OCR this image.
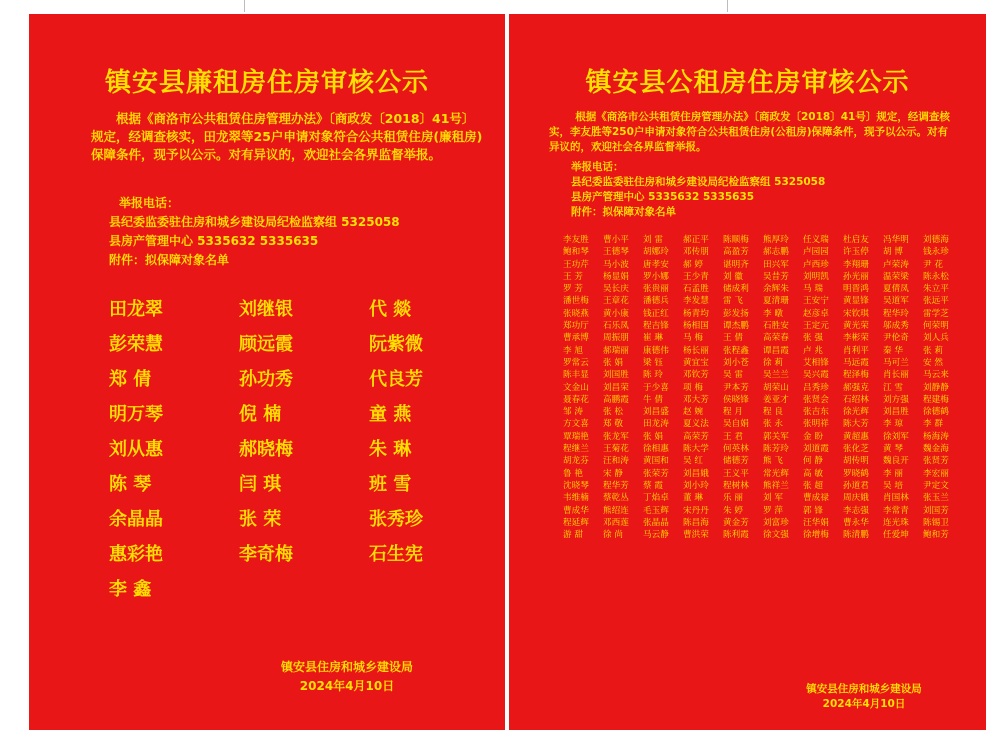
镇安县廉租房住房审核公示
根据《商洛市公共租赁住房管理办法》〔商政发〔2018〕41号〕规定，经调查核实，田龙翠等25户申请对象符合公共租赁住房(廉租房)保障条件，现予以公示。对有异议的，欢迎社会各界监督举报。
举报电话：
县纪委监委驻住房和城乡建设局纪检监察组 5325058
县房产管理中心 5335632 5335635
附件：拟保障对象名单
田龙翠	刘继银	代 燚
彭荣慧	顾远霞	阮紫微
郑 倩	孙功秀	代良芳
明万琴	倪 楠	童 燕
刘从惠	郝晓梅	朱 琳
陈 琴	闫 琪	班 雪
余晶晶	张 荣	张秀珍
惠彩艳	李奇梅	石生宪
李 鑫
镇安县住房和城乡建设局
2024年4月10日
镇安县公租房住房审核公示
根据《商洛市公共租赁住房管理办法》〔商政发〔2018〕41号〕规定，经调查核实，李友胜等250户申请对象符合公共租赁住房(公租房)保障条件，现予以公示。对有异议的，欢迎社会各界监督举报。
举报电话：
县纪委监委驻住房和城乡建设局纪检监察组 5325058
县房产管理中心 5335632 5335635
附件：拟保障对象名单
李友胜	曹小平	刘 雷	郝正平	陈顺梅	熊厚玲	任义瑞	杜启友	冯华明	刘德海
鲍和琴	王德琴	胡娜玲	邓传朋	高盈芳	郝志鹏	卢园园	许玉停	胡 博	钱永珍
王功芹	马小波	唐孝安	郝 婷	谌明齐	田兴军	卢西珍	李翔珊	卢荣涛	尹 花
王 芳	杨显娟	罗小娜	王少青	刘 徽	吴昔芳	刘明凯	孙光丽	温荣梁	陈永松
罗 芳	吴长庆	张贵丽	石孟胜	储成利	余辉朱	马 瑞	明晋鸿	夏倩凤	朱立平
潘世梅	王章花	潘德兵	李发慧	雷 飞	夏清珊	王安宁	黄显锋	吴道军	张远平
张晓燕	黄小康	钱正红	杨青均	彭发扬	李 暾	赵彦卓	宋钦琪	程华玲	雷学芝
郑功厅	石乐凤	程吉锋	杨相国	谭杰鹏	石胜安	王定元	黄光荣	邬成秀	何荣明
曹承博	周振朋	崔 琳	马 梅	王 倩	高荣春	张 强	李彬荣	尹伦奇	刘人兵
李 旭	郝瑞丽	康德伟	杨长丽	张程鑫	谭昌霞	卢 兆	肖利平	秦 华	张 莉
罗常云	张 娟	梁 钰	黄宜宝	刘小苍	徐 莉	艾相锋	马远霞	马可兰	安 然
陈丰显	刘国胜	陈 玲	邓钦芳	吴 雷	吴兰兰	吴兴霞	程泽梅	肖长丽	马云来
文金山	刘昌荣	于少喜	项 梅	尹本芳	胡荣山	吕秀珍	郝强克	江 雪	刘静静
聂春花	高鹏霞	牛 倩	邓大芳	侯晓锋	姜亚才	张贤会	石绍林	刘方强	程建梅
邹 涛	张 松	刘昌盛	赵 婉	程 月	程 良	张吉东	徐光辉	刘昌胜	徐德鹤
方文喜	郑 敬	田龙涛	夏义法	吴自娟	张 永	张明祥	陈大芳	李 琼	李 群
覃瑞艳	张龙军	张 娟	高荣芳	王 君	郭关军	金 盼	黄超惠	徐刘军	杨海涛
程继兰	王菊花	徐相惠	陈大学	何英林	陈芳玲	刘道霞	张化芝	黄 琴	魏金海
胡龙芬	汪和涛	黄国和	吴 红	储德芳	熊 飞	何 静	胡传明	魏良开	张贤芳
鲁 艳	宋 静	张荣芳	刘昌娥	王义平	常光辉	高 敏	罗晓鹤	李 丽	李宏丽
沈晓琴	程华芳	蔡 霞	刘小玲	程树林	熊祥兰	张 超	孙道君	吴 培	尹定文
韦维楠	蔡乾丛	丁焰卓	董 琳	乐 丽	刘 军	曹成禄	周庆娥	肖国林	张玉兰
曹成华	熊绍连	毛玉辉	宋丹丹	朱 婷	罗 萍	郭 锋	李志强	李常青	刘国芳
程延辉	邓西莲	张晶晶	陈昌海	黄金芳	刘富珍	汪华娟	曹永华	连光珠	陈锡卫
游 甜	徐 尚	马云静	曹洪荣	陈利霞	徐文强	徐增梅	陈清鹏	任爱坤	鲍和芳
镇安县住房和城乡建设局
2024年4月10日
